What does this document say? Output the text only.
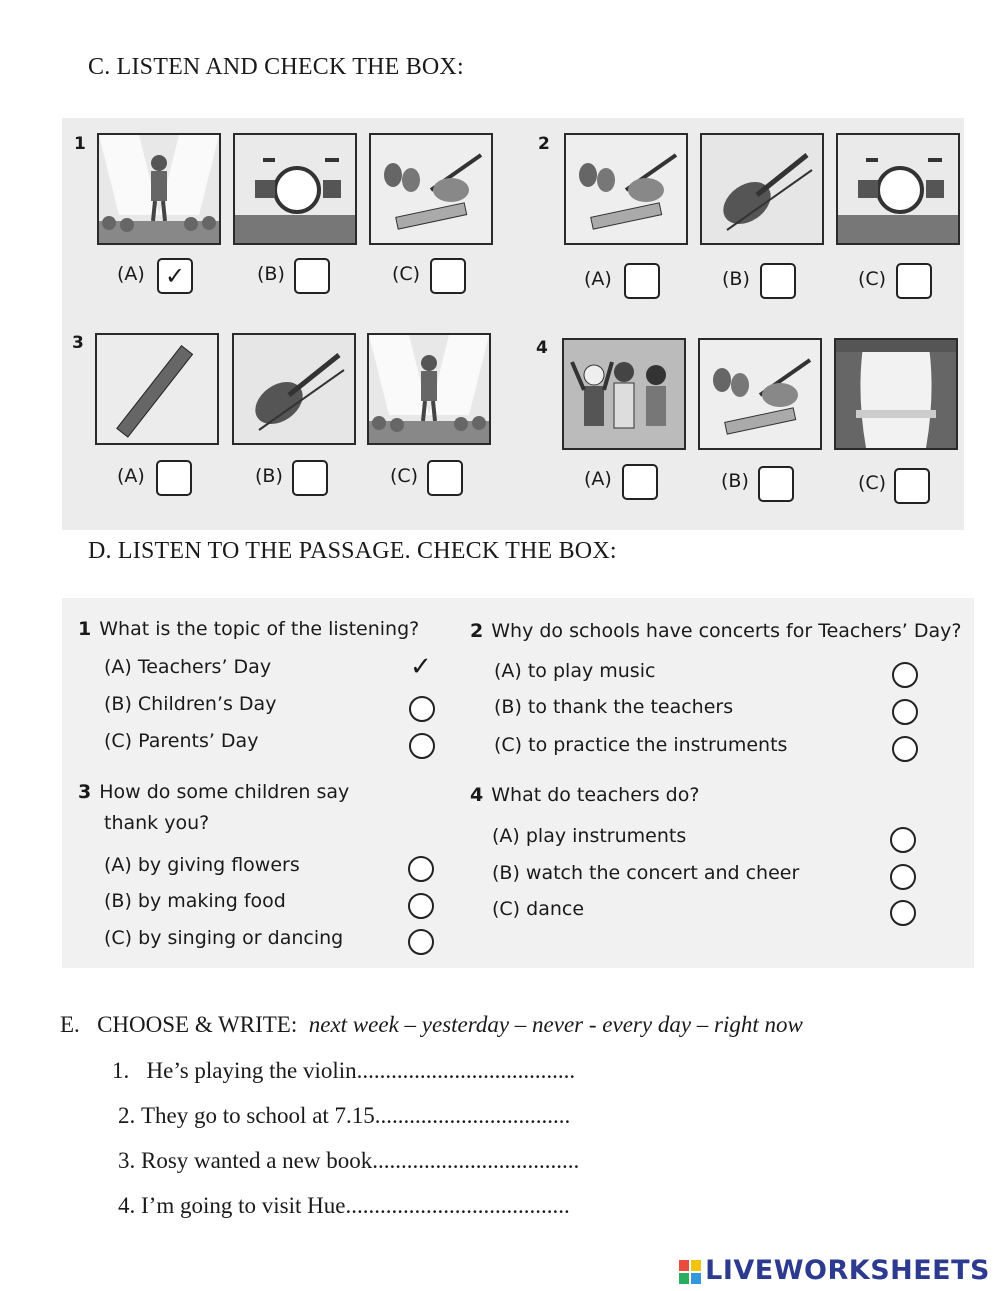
C. LISTEN AND CHECK THE BOX:
1
(A) ✓	(B)	(C)
2
(A)	(B)	(C)
3
(A)	(B)	(C)
4
(A)	(B)	(C)
D. LISTEN TO THE PASSAGE. CHECK THE BOX:
1 What is the topic of the listening?
(A) Teachers’ Day	✓
(B) Children’s Day
(C) Parents’ Day
2 Why do schools have concerts for Teachers’ Day?
(A) to play music
(B) to thank the teachers
(C) to practice the instruments
3 How do some children say
thank you?
(A) by giving flowers
(B) by making food
(C) by singing or dancing
4 What do teachers do?
(A) play instruments
(B) watch the concert and cheer
(C) dance
E. CHOOSE & WRITE: next week – yesterday – never - every day – right now
1. He’s playing the violin......................................
2. They go to school at 7.15..................................
3. Rosy wanted a new book....................................
4. I’m going to visit Hue.......................................
LIVEWORKSHEETS
